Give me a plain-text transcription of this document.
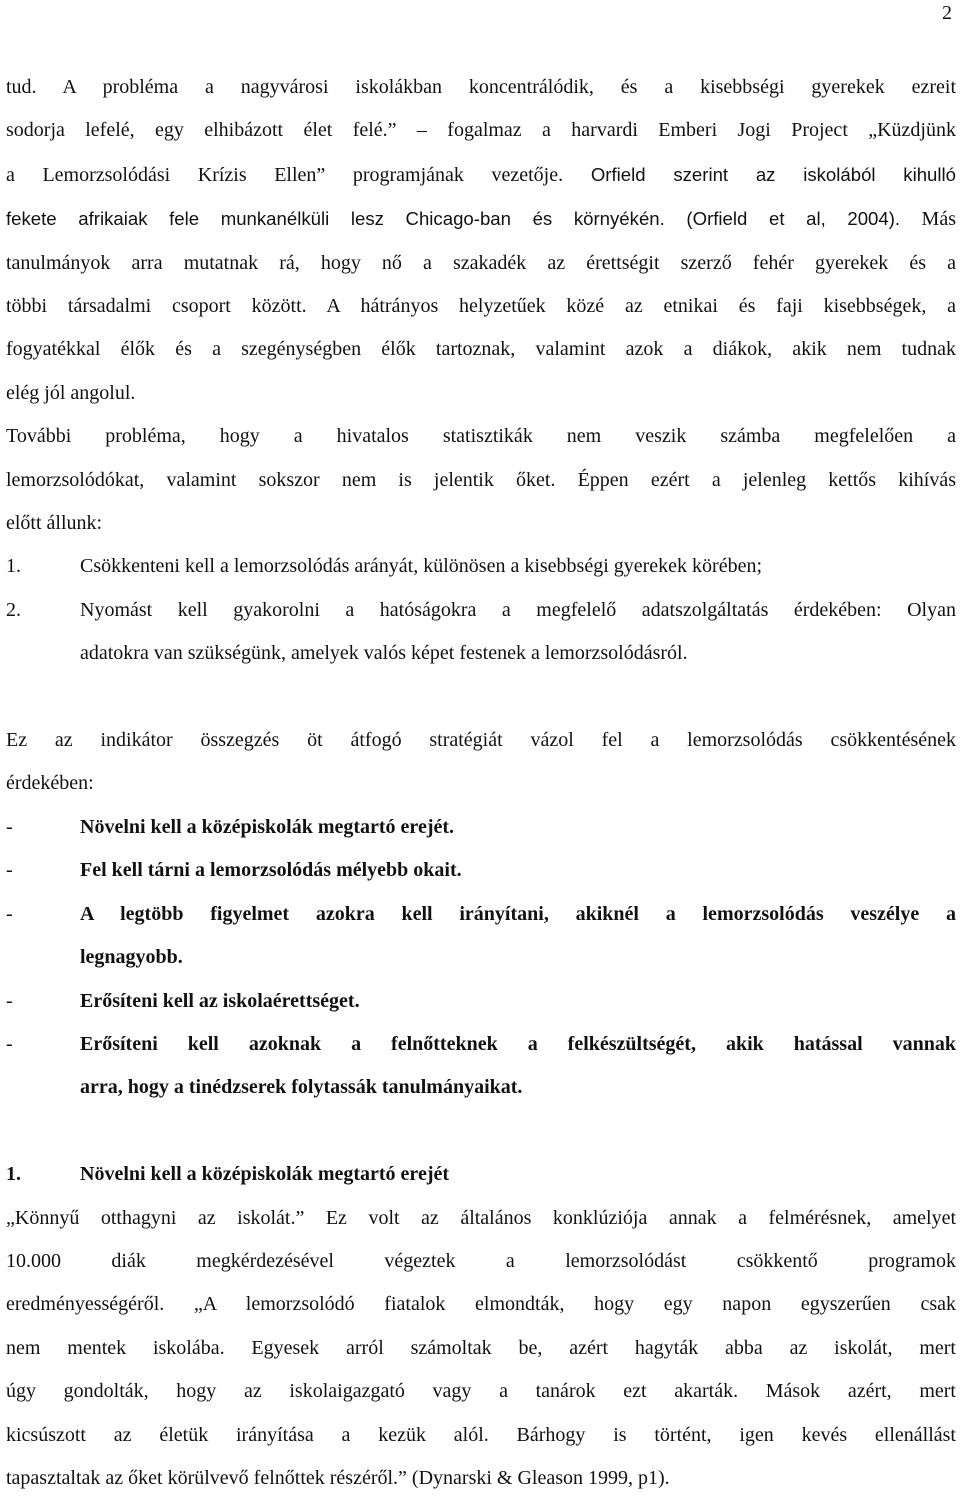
2

tud. A probléma a nagyvárosi iskolákban koncentrálódik, és a kisebbségi gyerekek ezreit
sodorja lefelé, egy elhibázott élet felé.” – fogalmaz a harvardi Emberi Jogi Project „Küzdjünk
a Lemorzsolódási Krízis Ellen” programjának vezetője. Orfield szerint az iskolából kihulló
fekete afrikaiak fele munkanélküli lesz Chicago-ban és környékén. (Orfield et al, 2004). Más
tanulmányok arra mutatnak rá, hogy nő a szakadék az érettségit szerző fehér gyerekek és a
többi társadalmi csoport között. A hátrányos helyzetűek közé az etnikai és faji kisebbségek, a
fogyatékkal élők és a szegénységben élők tartoznak, valamint azok a diákok, akik nem tudnak
elég jól angolul.

További probléma, hogy a hivatalos statisztikák nem veszik számba megfelelően a
lemorzsolódókat, valamint sokszor nem is jelentik őket. Éppen ezért a jelenleg kettős kihívás
előtt állunk:

1.	Csökkenteni kell a lemorzsolódás arányát, különösen a kisebbségi gyerekek körében;
2.	Nyomást kell gyakorolni a hatóságokra a megfelelő adatszolgáltatás érdekében: Olyan
adatokra van szükségünk, amelyek valós képet festenek a lemorzsolódásról.

Ez az indikátor összegzés öt átfogó stratégiát vázol fel a lemorzsolódás csökkentésének
érdekében:

-	Növelni kell a középiskolák megtartó erejét.
-	Fel kell tárni a lemorzsolódás mélyebb okait.
-	A legtöbb figyelmet azokra kell irányítani, akiknél a lemorzsolódás veszélye a
legnagyobb.
-	Erősíteni kell az iskolaérettséget.
-	Erősíteni kell azoknak a felnőtteknek a felkészültségét, akik hatással vannak
arra, hogy a tinédzserek folytassák tanulmányaikat.
1.	Növelni kell a középiskolák megtartó erejét

„Könnyű otthagyni az iskolát.” Ez volt az általános konklúziója annak a felmérésnek, amelyet
10.000 diák megkérdezésével végeztek a lemorzsolódást csökkentő programok
eredményességéről. „A lemorzsolódó fiatalok elmondták, hogy egy napon egyszerűen csak
nem mentek iskolába. Egyesek arról számoltak be, azért hagyták abba az iskolát, mert
úgy gondolták, hogy az iskolaigazgató vagy a tanárok ezt akarták. Mások azért, mert
kicsúszott az életük irányítása a kezük alól. Bárhogy is történt, igen kevés ellenállást
tapasztaltak az őket körülvevő felnőttek részéről.” (Dynarski & Gleason 1999, p1).
